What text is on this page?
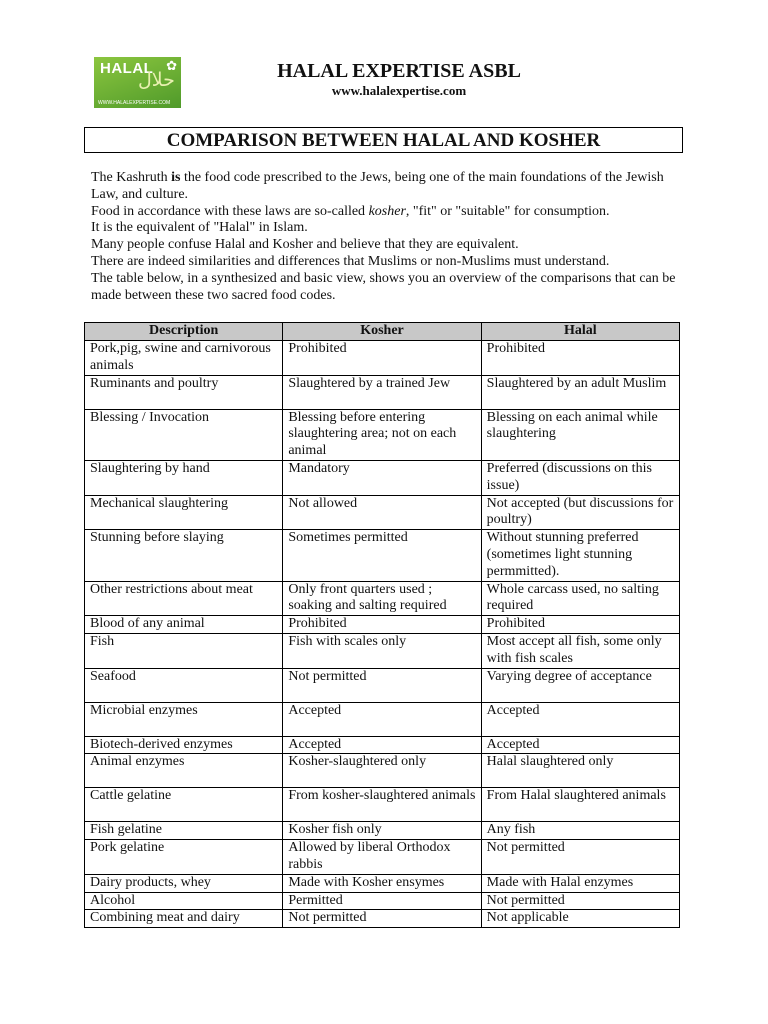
HALAL ✿
حلال
WWW.HALALEXPERTISE.COM
HALAL EXPERTISE ASBL
www.halalexpertise.com
COMPARISON BETWEEN HALAL AND KOSHER

The Kashruth is the food code prescribed to the Jews, being one of the main foundations of the Jewish Law, and culture.

Food in accordance with these laws are so-called kosher, "fit" or "suitable" for consumption.

It is the equivalent of "Halal" in Islam.

Many people confuse Halal and Kosher and believe that they are equivalent.

There are indeed similarities and differences that Muslims or non-Muslims must understand.

The table below, in a synthesized and basic view, shows you an overview of the comparisons that can be made between these two sacred food codes.

Description	Kosher	Halal
Pork,pig, swine and carnivorous animals	Prohibited	Prohibited
Ruminants and poultry	Slaughtered by a trained Jew	Slaughtered by an adult Muslim
Blessing / Invocation	Blessing before entering slaughtering area; not on each animal	Blessing on each animal while slaughtering
Slaughtering by hand	Mandatory	Preferred (discussions on this issue)
Mechanical slaughtering	Not allowed	Not accepted (but discussions for poultry)
Stunning before slaying	Sometimes permitted	Without stunning preferred (sometimes light stunning permmitted).
Other restrictions about meat	Only front quarters used ; soaking and salting required	Whole carcass used, no salting required
Blood of any animal	Prohibited	Prohibited
Fish	Fish with scales only	Most accept all fish, some only with fish scales
Seafood	Not permitted	Varying degree of acceptance
Microbial enzymes	Accepted	Accepted
Biotech-derived enzymes	Accepted	Accepted
Animal enzymes	Kosher-slaughtered only	Halal slaughtered only
Cattle gelatine	From kosher-slaughtered animals	From Halal slaughtered animals
Fish gelatine	Kosher fish only	Any fish
Pork gelatine	Allowed by liberal Orthodox rabbis	Not permitted
Dairy products, whey	Made with Kosher ensymes	Made with Halal enzymes
Alcohol	Permitted	Not permitted
Combining meat and dairy	Not permitted	Not applicable
